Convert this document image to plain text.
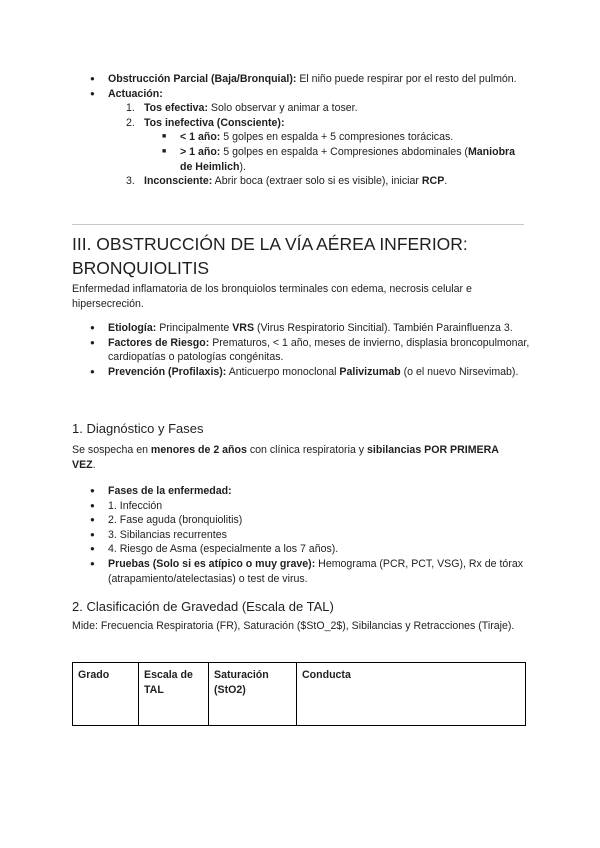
● Obstrucción Parcial (Baja/Bronquial): El niño puede respirar por el resto del pulmón.
● Actuación:
1. Tos efectiva: Solo observar y animar a toser.
2. Tos inefectiva (Consciente):
■ < 1 año: 5 golpes en espalda + 5 compresiones torácicas.
■ > 1 año: 5 golpes en espalda + Compresiones abdominales (Maniobra de Heimlich).
3. Inconsciente: Abrir boca (extraer solo si es visible), iniciar RCP.
III. OBSTRUCCIÓN DE LA VÍA AÉREA INFERIOR: BRONQUIOLITIS

Enfermedad inflamatoria de los bronquiolos terminales con edema, necrosis celular e hipersecreción.

● Etiología: Principalmente VRS (Virus Respiratorio Sincitial). También Parainfluenza 3.
● Factores de Riesgo: Prematuros, < 1 año, meses de invierno, displasia broncopulmonar, cardiopatías o patologías congénitas.
● Prevención (Profilaxis): Anticuerpo monoclonal Palivizumab (o el nuevo Nirsevimab).
1. Diagnóstico y Fases

Se sospecha en menores de 2 años con clínica respiratoria y sibilancias POR PRIMERA VEZ.

● Fases de la enfermedad:
● 1. Infección
● 2. Fase aguda (bronquiolitis)
● 3. Sibilancias recurrentes
● 4. Riesgo de Asma (especialmente a los 7 años).
● Pruebas (Solo si es atípico o muy grave): Hemograma (PCR, PCT, VSG), Rx de tórax (atrapamiento/atelectasias) o test de virus.
2. Clasificación de Gravedad (Escala de TAL)

Mide: Frecuencia Respiratoria (FR), Saturación ($StO_2$), Sibilancias y Retracciones (Tiraje).

Grado	Escala de TAL	Saturación (StO2)	Conducta
